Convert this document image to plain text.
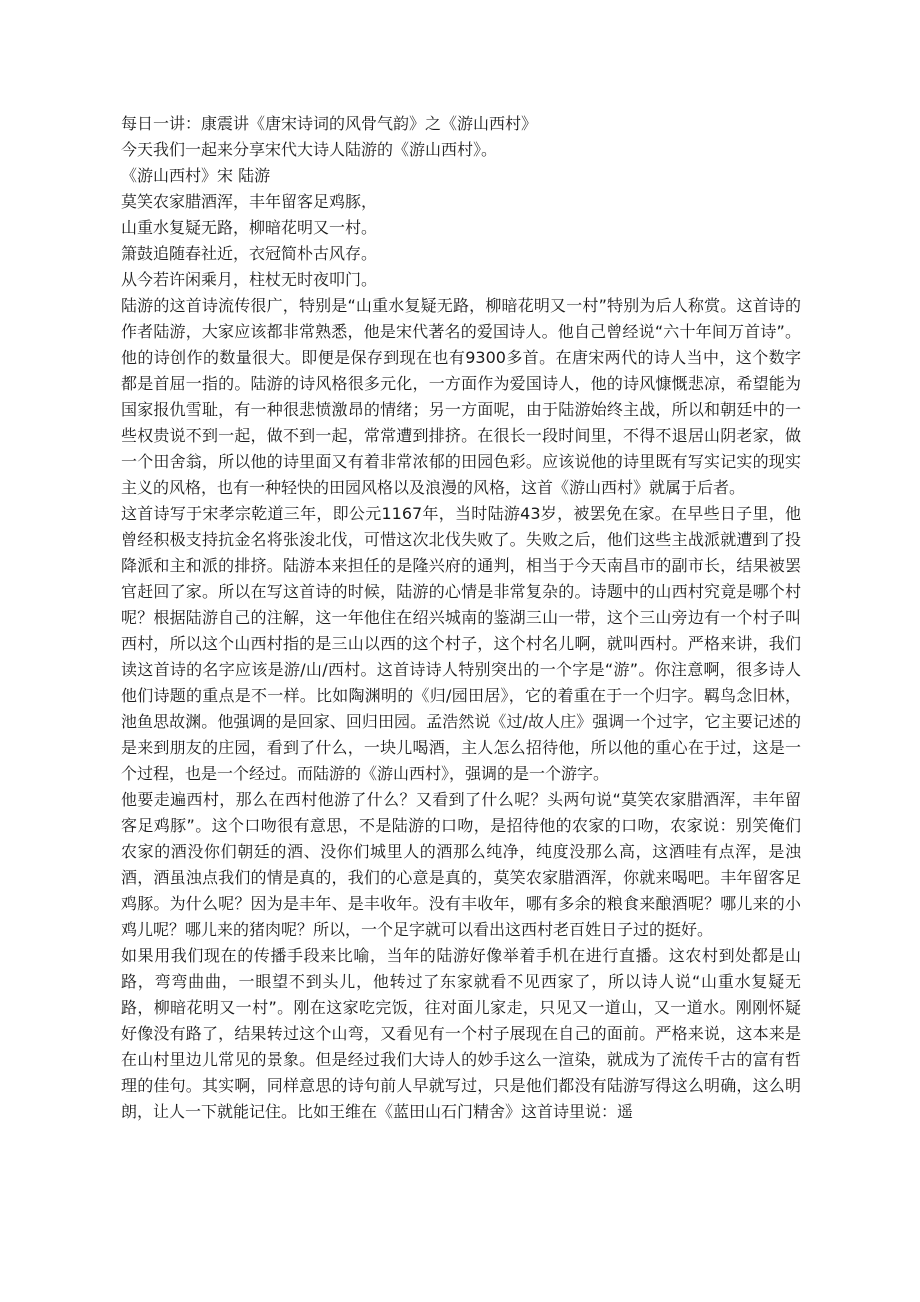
每日一讲：康震讲《唐宋诗词的风骨气韵》之《游山西村》

今天我们一起来分享宋代大诗人陆游的《游山西村》。

《游山西村》宋 陆游

莫笑农家腊酒浑，丰年留客足鸡豚，

山重水复疑无路，柳暗花明又一村。

箫鼓追随春社近，衣冠简朴古风存。

从今若许闲乘月，柱杖无时夜叩门。

陆游的这首诗流传很广，特别是“山重水复疑无路，柳暗花明又一村”特别为后人称赏。这首诗的作者陆游，大家应该都非常熟悉，他是宋代著名的爱国诗人。他自己曾经说“六十年间万首诗”。他的诗创作的数量很大。即便是保存到现在也有9300多首。在唐宋两代的诗人当中，这个数字都是首屈一指的。陆游的诗风格很多元化，一方面作为爱国诗人，他的诗风慷慨悲凉，希望能为国家报仇雪耻，有一种很悲愤激昂的情绪；另一方面呢，由于陆游始终主战，所以和朝廷中的一些权贵说不到一起，做不到一起，常常遭到排挤。在很长一段时间里，不得不退居山阴老家，做一个田舍翁，所以他的诗里面又有着非常浓郁的田园色彩。应该说他的诗里既有写实记实的现实主义的风格，也有一种轻快的田园风格以及浪漫的风格，这首《游山西村》就属于后者。

这首诗写于宋孝宗乾道三年，即公元1167年，当时陆游43岁，被罢免在家。在早些日子里，他曾经积极支持抗金名将张浚北伐，可惜这次北伐失败了。失败之后，他们这些主战派就遭到了投降派和主和派的排挤。陆游本来担任的是隆兴府的通判，相当于今天南昌市的副市长，结果被罢官赶回了家。所以在写这首诗的时候，陆游的心情是非常复杂的。诗题中的山西村究竟是哪个村呢？根据陆游自己的注解，这一年他住在绍兴城南的鉴湖三山一带，这个三山旁边有一个村子叫西村，所以这个山西村指的是三山以西的这个村子，这个村名儿啊，就叫西村。严格来讲，我们读这首诗的名字应该是游/山/西村。这首诗诗人特别突出的一个字是“游”。你注意啊，很多诗人他们诗题的重点是不一样。比如陶渊明的《归/园田居》，它的着重在于一个归字。羁鸟念旧林，池鱼思故渊。他强调的是回家、回归田园。孟浩然说《过/故人庄》强调一个过字，它主要记述的是来到朋友的庄园，看到了什么，一块儿喝酒，主人怎么招待他，所以他的重心在于过，这是一个过程，也是一个经过。而陆游的《游山西村》，强调的是一个游字。

他要走遍西村，那么在西村他游了什么？又看到了什么呢？头两句说“莫笑农家腊酒浑，丰年留客足鸡豚”。这个口吻很有意思，不是陆游的口吻，是招待他的农家的口吻，农家说：别笑俺们农家的酒没你们朝廷的酒、没你们城里人的酒那么纯净，纯度没那么高，这酒哇有点浑，是浊酒，酒虽浊点我们的情是真的，我们的心意是真的，莫笑农家腊酒浑，你就来喝吧。丰年留客足鸡豚。为什么呢？因为是丰年、是丰收年。没有丰收年，哪有多余的粮食来酿酒呢？哪儿来的小鸡儿呢？哪儿来的猪肉呢？所以，一个足字就可以看出这西村老百姓日子过的挺好。

如果用我们现在的传播手段来比喻，当年的陆游好像举着手机在进行直播。这农村到处都是山路，弯弯曲曲，一眼望不到头儿，他转过了东家就看不见西家了，所以诗人说“山重水复疑无路，柳暗花明又一村”。刚在这家吃完饭，往对面儿家走，只见又一道山，又一道水。刚刚怀疑好像没有路了，结果转过这个山弯，又看见有一个村子展现在自己的面前。严格来说，这本来是在山村里边儿常见的景象。但是经过我们大诗人的妙手这么一渲染，就成为了流传千古的富有哲理的佳句。其实啊，同样意思的诗句前人早就写过，只是他们都没有陆游写得这么明确，这么明朗，让人一下就能记住。比如王维在《蓝田山石门精舍》这首诗里说：遥
